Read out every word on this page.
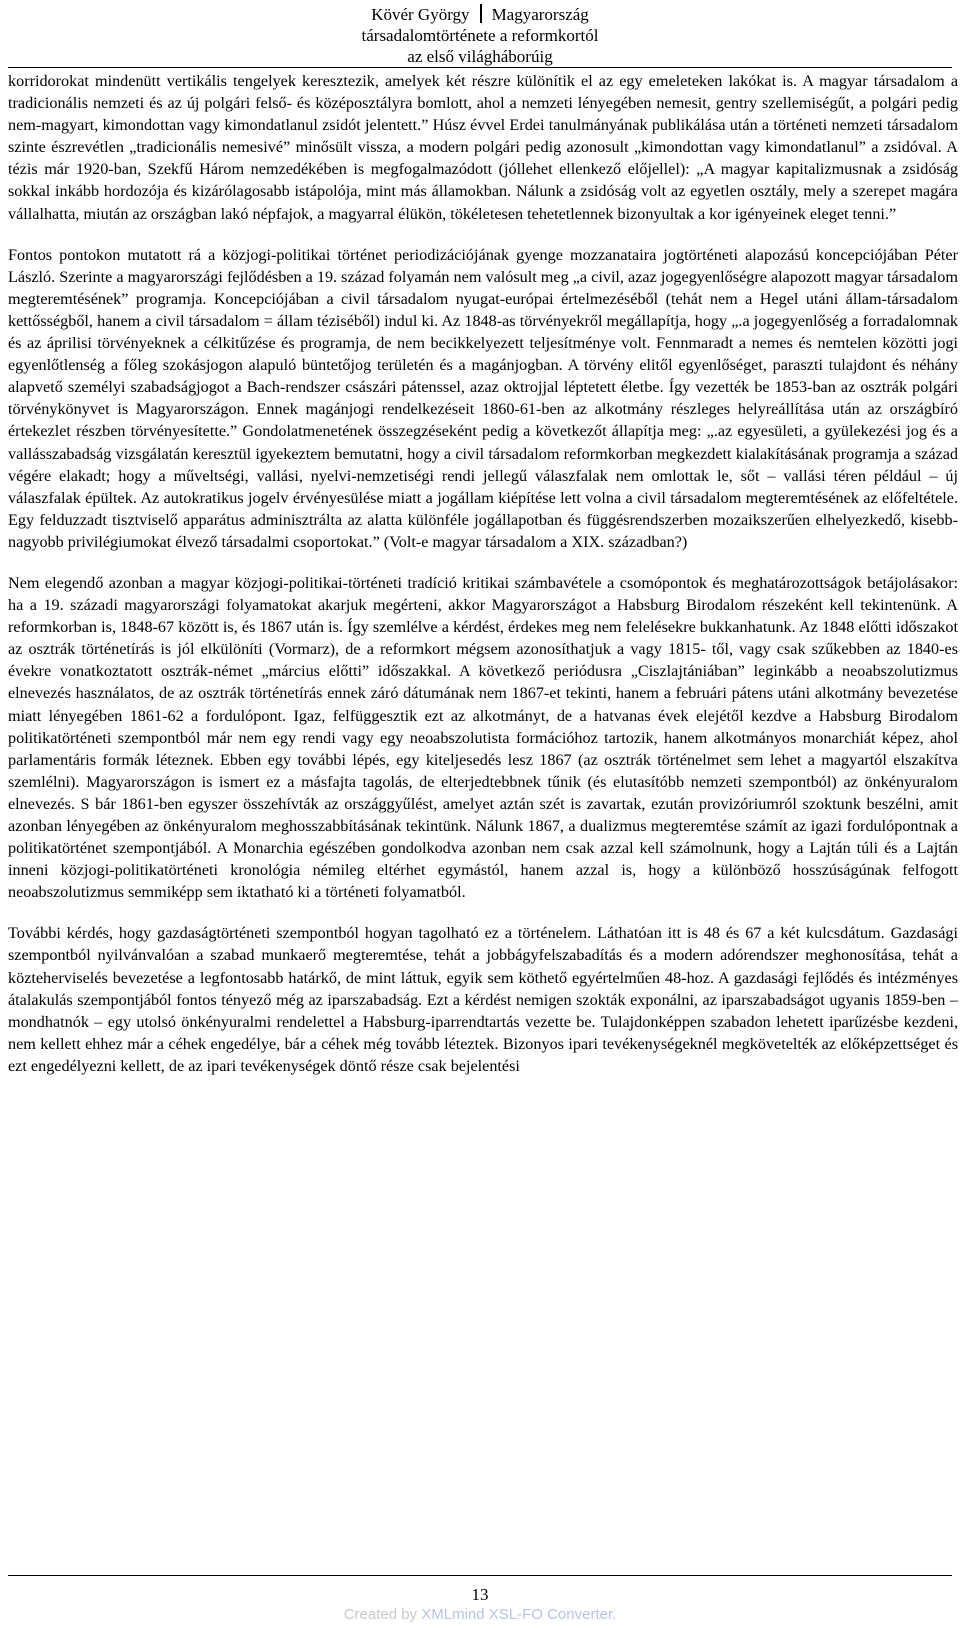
Kövér György Magyarország
társadalomtörténete a reformkortól
az első világháborúig

korridorokat mindenütt vertikális tengelyek keresztezik, amelyek két részre különítik el az egy emeleteken lakókat is. A magyar társadalom a tradicionális nemzeti és az új polgári felső- és középosztályra bomlott, ahol a nemzeti lényegében nemesit, gentry szellemiségűt, a polgári pedig nem-magyart, kimondottan vagy kimondatlanul zsidót jelentett.” Húsz évvel Erdei tanulmányának publikálása után a történeti nemzeti társadalom szinte észrevétlen „tradicionális nemesivé” minősült vissza, a modern polgári pedig azonosult „kimondottan vagy kimondatlanul” a zsidóval. A tézis már 1920-ban, Szekfű Három nemzedékében is megfogalmazódott (jóllehet ellenkező előjellel): „A magyar kapitalizmusnak a zsidóság sokkal inkább hordozója és kizárólagosabb istápolója, mint más államokban. Nálunk a zsidóság volt az egyetlen osztály, mely a szerepet magára vállalhatta, miután az országban lakó népfajok, a magyarral élükön, tökéletesen tehetetlennek bizonyultak a kor igényeinek eleget tenni.”

Fontos pontokon mutatott rá a közjogi-politikai történet periodizációjának gyenge mozzanataira jogtörténeti alapozású koncepciójában Péter László. Szerinte a magyarországi fejlődésben a 19. század folyamán nem valósult meg „a civil, azaz jogegyenlőségre alapozott magyar társadalom megteremtésének” programja. Koncepciójában a civil társadalom nyugat-európai értelmezéséből (tehát nem a Hegel utáni állam-társadalom kettősségből, hanem a civil társadalom = állam téziséből) indul ki. Az 1848-as törvényekről megállapítja, hogy „.a jogegyenlőség a forradalomnak és az áprilisi törvényeknek a célkitűzése és programja, de nem becikkelyezett teljesítménye volt. Fennmaradt a nemes és nemtelen közötti jogi egyenlőtlenség a főleg szokásjogon alapuló büntetőjog területén és a magánjogban. A törvény elitől egyenlőséget, paraszti tulajdont és néhány alapvető személyi szabadságjogot a Bach-rendszer császári pátenssel, azaz oktrojjal léptetett életbe. Így vezették be 1853-ban az osztrák polgári törvénykönyvet is Magyarországon. Ennek magánjogi rendelkezéseit 1860-61-ben az alkotmány részleges helyreállítása után az országbíró értekezlet részben törvényesítette.” Gondolatmenetének összegzéseként pedig a következőt állapítja meg: „.az egyesületi, a gyülekezési jog és a vallásszabadság vizsgálatán keresztül igyekeztem bemutatni, hogy a civil társadalom reformkorban megkezdett kialakításának programja a század végére elakadt; hogy a műveltségi, vallási, nyelvi-nemzetiségi rendi jellegű válaszfalak nem omlottak le, sőt – vallási téren például – új válaszfalak épültek. Az autokratikus jogelv érvényesülése miatt a jogállam kiépítése lett volna a civil társadalom megteremtésének az előfeltétele. Egy felduzzadt tisztviselő apparátus adminisztrálta az alatta különféle jogállapotban és függésrendszerben mozaikszerűen elhelyezkedő, kisebb-nagyobb privilégiumokat élvező társadalmi csoportokat.” (Volt-e magyar társadalom a XIX. században?)

Nem elegendő azonban a magyar közjogi-politikai-történeti tradíció kritikai számbavétele a csomópontok és meghatározottságok betájolásakor: ha a 19. századi magyarországi folyamatokat akarjuk megérteni, akkor Magyarországot a Habsburg Birodalom részeként kell tekintenünk. A reformkorban is, 1848-67 között is, és 1867 után is. Így szemlélve a kérdést, érdekes meg nem felelésekre bukkanhatunk. Az 1848 előtti időszakot az osztrák történetírás is jól elkülöníti (Vormarz), de a reformkort mégsem azonosíthatjuk a vagy 1815- től, vagy csak szűkebben az 1840-es évekre vonatkoztatott osztrák-német „március előtti” időszakkal. A következő periódusra „Ciszlajtániában” leginkább a neoabszolutizmus elnevezés használatos, de az osztrák történetírás ennek záró dátumának nem 1867-et tekinti, hanem a februári pátens utáni alkotmány bevezetése miatt lényegében 1861-62 a fordulópont. Igaz, felfüggesztik ezt az alkotmányt, de a hatvanas évek elejétől kezdve a Habsburg Birodalom politikatörténeti szempontból már nem egy rendi vagy egy neoabszolutista formációhoz tartozik, hanem alkotmányos monarchiát képez, ahol parlamentáris formák léteznek. Ebben egy további lépés, egy kiteljesedés lesz 1867 (az osztrák történelmet sem lehet a magyartól elszakítva szemlélni). Magyarországon is ismert ez a másfajta tagolás, de elterjedtebbnek tűnik (és elutasítóbb nemzeti szempontból) az önkényuralom elnevezés. S bár 1861-ben egyszer összehívták az országgyűlést, amelyet aztán szét is zavartak, ezután provizóriumról szoktunk beszélni, amit azonban lényegében az önkényuralom meghosszabbításának tekintünk. Nálunk 1867, a dualizmus megteremtése számít az igazi fordulópontnak a politikatörténet szempontjából. A Monarchia egészében gondolkodva azonban nem csak azzal kell számolnunk, hogy a Lajtán túli és a Lajtán inneni közjogi-politikatörténeti kronológia némileg eltérhet egymástól, hanem azzal is, hogy a különböző hosszúságúnak felfogott neoabszolutizmus semmiképp sem iktatható ki a történeti folyamatból.

További kérdés, hogy gazdaságtörténeti szempontból hogyan tagolható ez a történelem. Láthatóan itt is 48 és 67 a két kulcsdátum. Gazdasági szempontból nyilvánvalóan a szabad munkaerő megteremtése, tehát a jobbágyfelszabadítás és a modern adórendszer meghonosítása, tehát a közteherviselés bevezetése a legfontosabb határkő, de mint láttuk, egyik sem köthető egyértelműen 48-hoz. A gazdasági fejlődés és intézményes átalakulás szempontjából fontos tényező még az iparszabadság. Ezt a kérdést nemigen szokták exponálni, az iparszabadságot ugyanis 1859-ben – mondhatnók – egy utolsó önkényuralmi rendelettel a Habsburg-iparrendtartás vezette be. Tulajdonképpen szabadon lehetett iparűzésbe kezdeni, nem kellett ehhez már a céhek engedélye, bár a céhek még tovább léteztek. Bizonyos ipari tevékenységeknél megkövetelték az előképzettséget és ezt engedélyezni kellett, de az ipari tevékenységek döntő része csak bejelentési

13
Created by XMLmind XSL-FO Converter.
